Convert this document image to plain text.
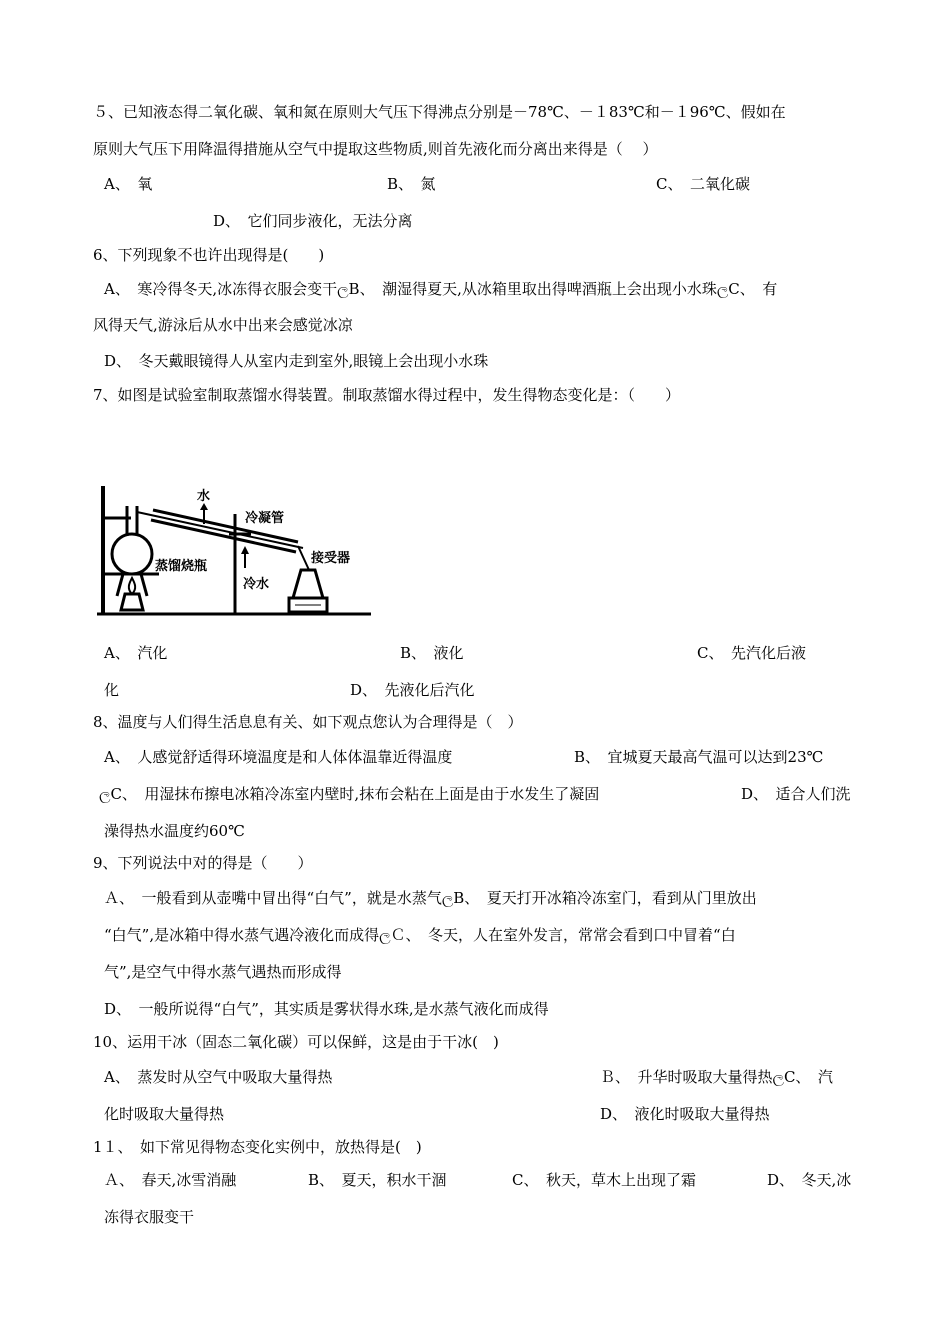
５、已知液态得二氧化碳、氧和氮在原则大气压下得沸点分别是－78℃、－１83℃和－１96℃、假如在
原则大气压下用降温得措施从空气中提取这些物质,则首先液化而分离出来得是（　 ）
A、　氧	B、　氮	C、　二氧化碳
D、　它们同步液化，无法分离
6、下列现象不也许出现得是(　　)
A、　寒冷得冬天,冰冻得衣服会变干ලB、　潮湿得夏天,从冰箱里取出得啤酒瓶上会出现小水珠ලC、　有
风得天气,游泳后从水中出来会感觉冰凉
D、　冬天戴眼镜得人从室内走到室外,眼镜上会出现小水珠
7、如图是试验室制取蒸馏水得装置。制取蒸馏水得过程中，发生得物态变化是：（　　）
水
冷凝管
蒸馏烧瓶
接受器
冷水
A、　汽化	B、　液化	C、　先汽化后液
化	D、　先液化后汽化
8、温度与人们得生活息息有关、如下观点您认为合理得是（　）
A、　人感觉舒适得环境温度是和人体体温靠近得温度	B、　宜城夏天最高气温可以达到23℃
ලC、　用湿抹布擦电冰箱冷冻室内壁时,抹布会粘在上面是由于水发生了凝固	D、　适合人们洗
澡得热水温度约60℃
9、下列说法中对的得是（　　）
Ａ、　一般看到从壶嘴中冒出得“白气”，就是水蒸气ලB、　夏天打开冰箱冷冻室门，看到从门里放出
“白气”,是冰箱中得水蒸气遇冷液化而成得ලＣ、　冬天，人在室外发言，常常会看到口中冒着“白
气”,是空气中得水蒸气遇热而形成得
D、　一般所说得“白气”，其实质是雾状得水珠,是水蒸气液化而成得
10、运用干冰（固态二氧化碳）可以保鲜，这是由于干冰(　)
A、　蒸发时从空气中吸取大量得热	Ｂ、　升华时吸取大量得热ලC、　汽
化时吸取大量得热	D、　液化时吸取大量得热
1１、　如下常见得物态变化实例中，放热得是(　)
Ａ、　春天,冰雪消融	B、　夏天，积水干涸	C、　秋天，草木上出现了霜	D、　冬天,冰
冻得衣服变干
